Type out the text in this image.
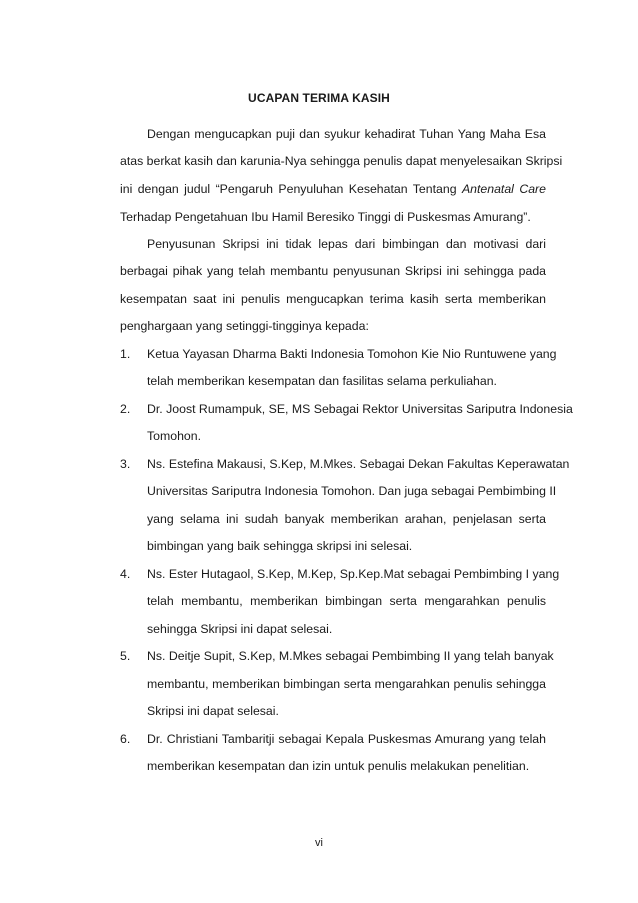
UCAPAN TERIMA KASIH
Dengan mengucapkan puji dan syukur kehadirat Tuhan Yang Maha Esa
atas berkat kasih dan karunia-Nya sehingga penulis dapat menyelesaikan Skripsi
ini dengan judul “Pengaruh Penyuluhan Kesehatan Tentang Antenatal Care
Terhadap Pengetahuan Ibu Hamil Beresiko Tinggi di Puskesmas Amurang”.
Penyusunan Skripsi ini tidak lepas dari bimbingan dan motivasi dari
berbagai pihak yang telah membantu penyusunan Skripsi ini sehingga pada
kesempatan saat ini penulis mengucapkan terima kasih serta memberikan
penghargaan yang setinggi-tingginya kepada:
1. Ketua Yayasan Dharma Bakti Indonesia Tomohon Kie Nio Runtuwene yang
telah memberikan kesempatan dan fasilitas selama perkuliahan.
2. Dr. Joost Rumampuk, SE, MS Sebagai Rektor Universitas Sariputra Indonesia
Tomohon.
3. Ns. Estefina Makausi, S.Kep, M.Mkes. Sebagai Dekan Fakultas Keperawatan
Universitas Sariputra Indonesia Tomohon. Dan juga sebagai Pembimbing II
yang selama ini sudah banyak memberikan arahan, penjelasan serta
bimbingan yang baik sehingga skripsi ini selesai.
4. Ns. Ester Hutagaol, S.Kep, M.Kep, Sp.Kep.Mat sebagai Pembimbing I yang
telah membantu, memberikan bimbingan serta mengarahkan penulis
sehingga Skripsi ini dapat selesai.
5. Ns. Deitje Supit, S.Kep, M.Mkes sebagai Pembimbing II yang telah banyak
membantu, memberikan bimbingan serta mengarahkan penulis sehingga
Skripsi ini dapat selesai.
6. Dr. Christiani Tambaritji sebagai Kepala Puskesmas Amurang yang telah
memberikan kesempatan dan izin untuk penulis melakukan penelitian.
vi
